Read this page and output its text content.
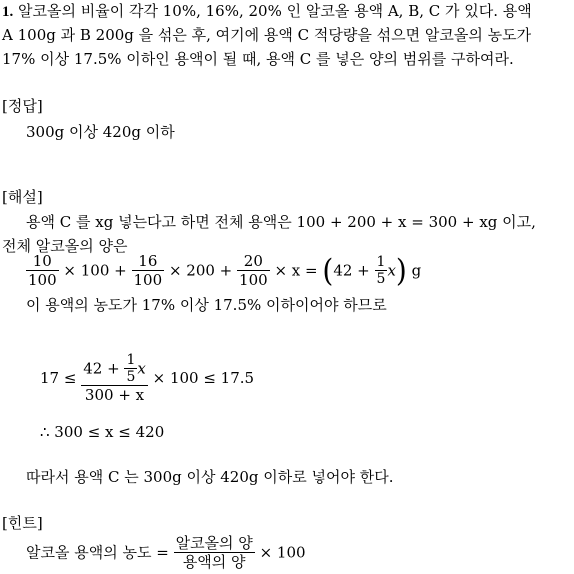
1. 알코올의 비율이 각각 10%, 16%, 20% 인 알코올 용액 A, B, C 가 있다. 용액
A 100g 과 B 200g 을 섞은 후, 여기에 용액 C 적당량을 섞으면 알코올의 농도가
17% 이상 17.5% 이하인 용액이 될 때, 용액 C 를 넣은 양의 범위를 구하여라.
[정답]
300g 이상 420g 이하
[해설]
용액 C 를 xg 넣는다고 하면 전체 용액은 100 + 200 + x = 300 + xg 이고,
전체 알코올의 양은
$\frac{10}{100} \times 100 + \frac{16}{100} \times 200 + \frac{20}{100} \times x = (42 + \frac{1}{5} x)$ g
이 용액의 농도가 17% 이상 17.5% 이하이어야 하므로
$17 \le \frac{42 + \frac{1}{5} x}{300 + x} \times 100 \le 17.5$
∴ 300 ≤ x ≤ 420
따라서 용액 C 는 300g 이상 420g 이하로 넣어야 한다.
[힌트]
알코올 용액의 농도 = $\frac{\text{알코올의 양}}{\text{용액의 양}} \times 100$
